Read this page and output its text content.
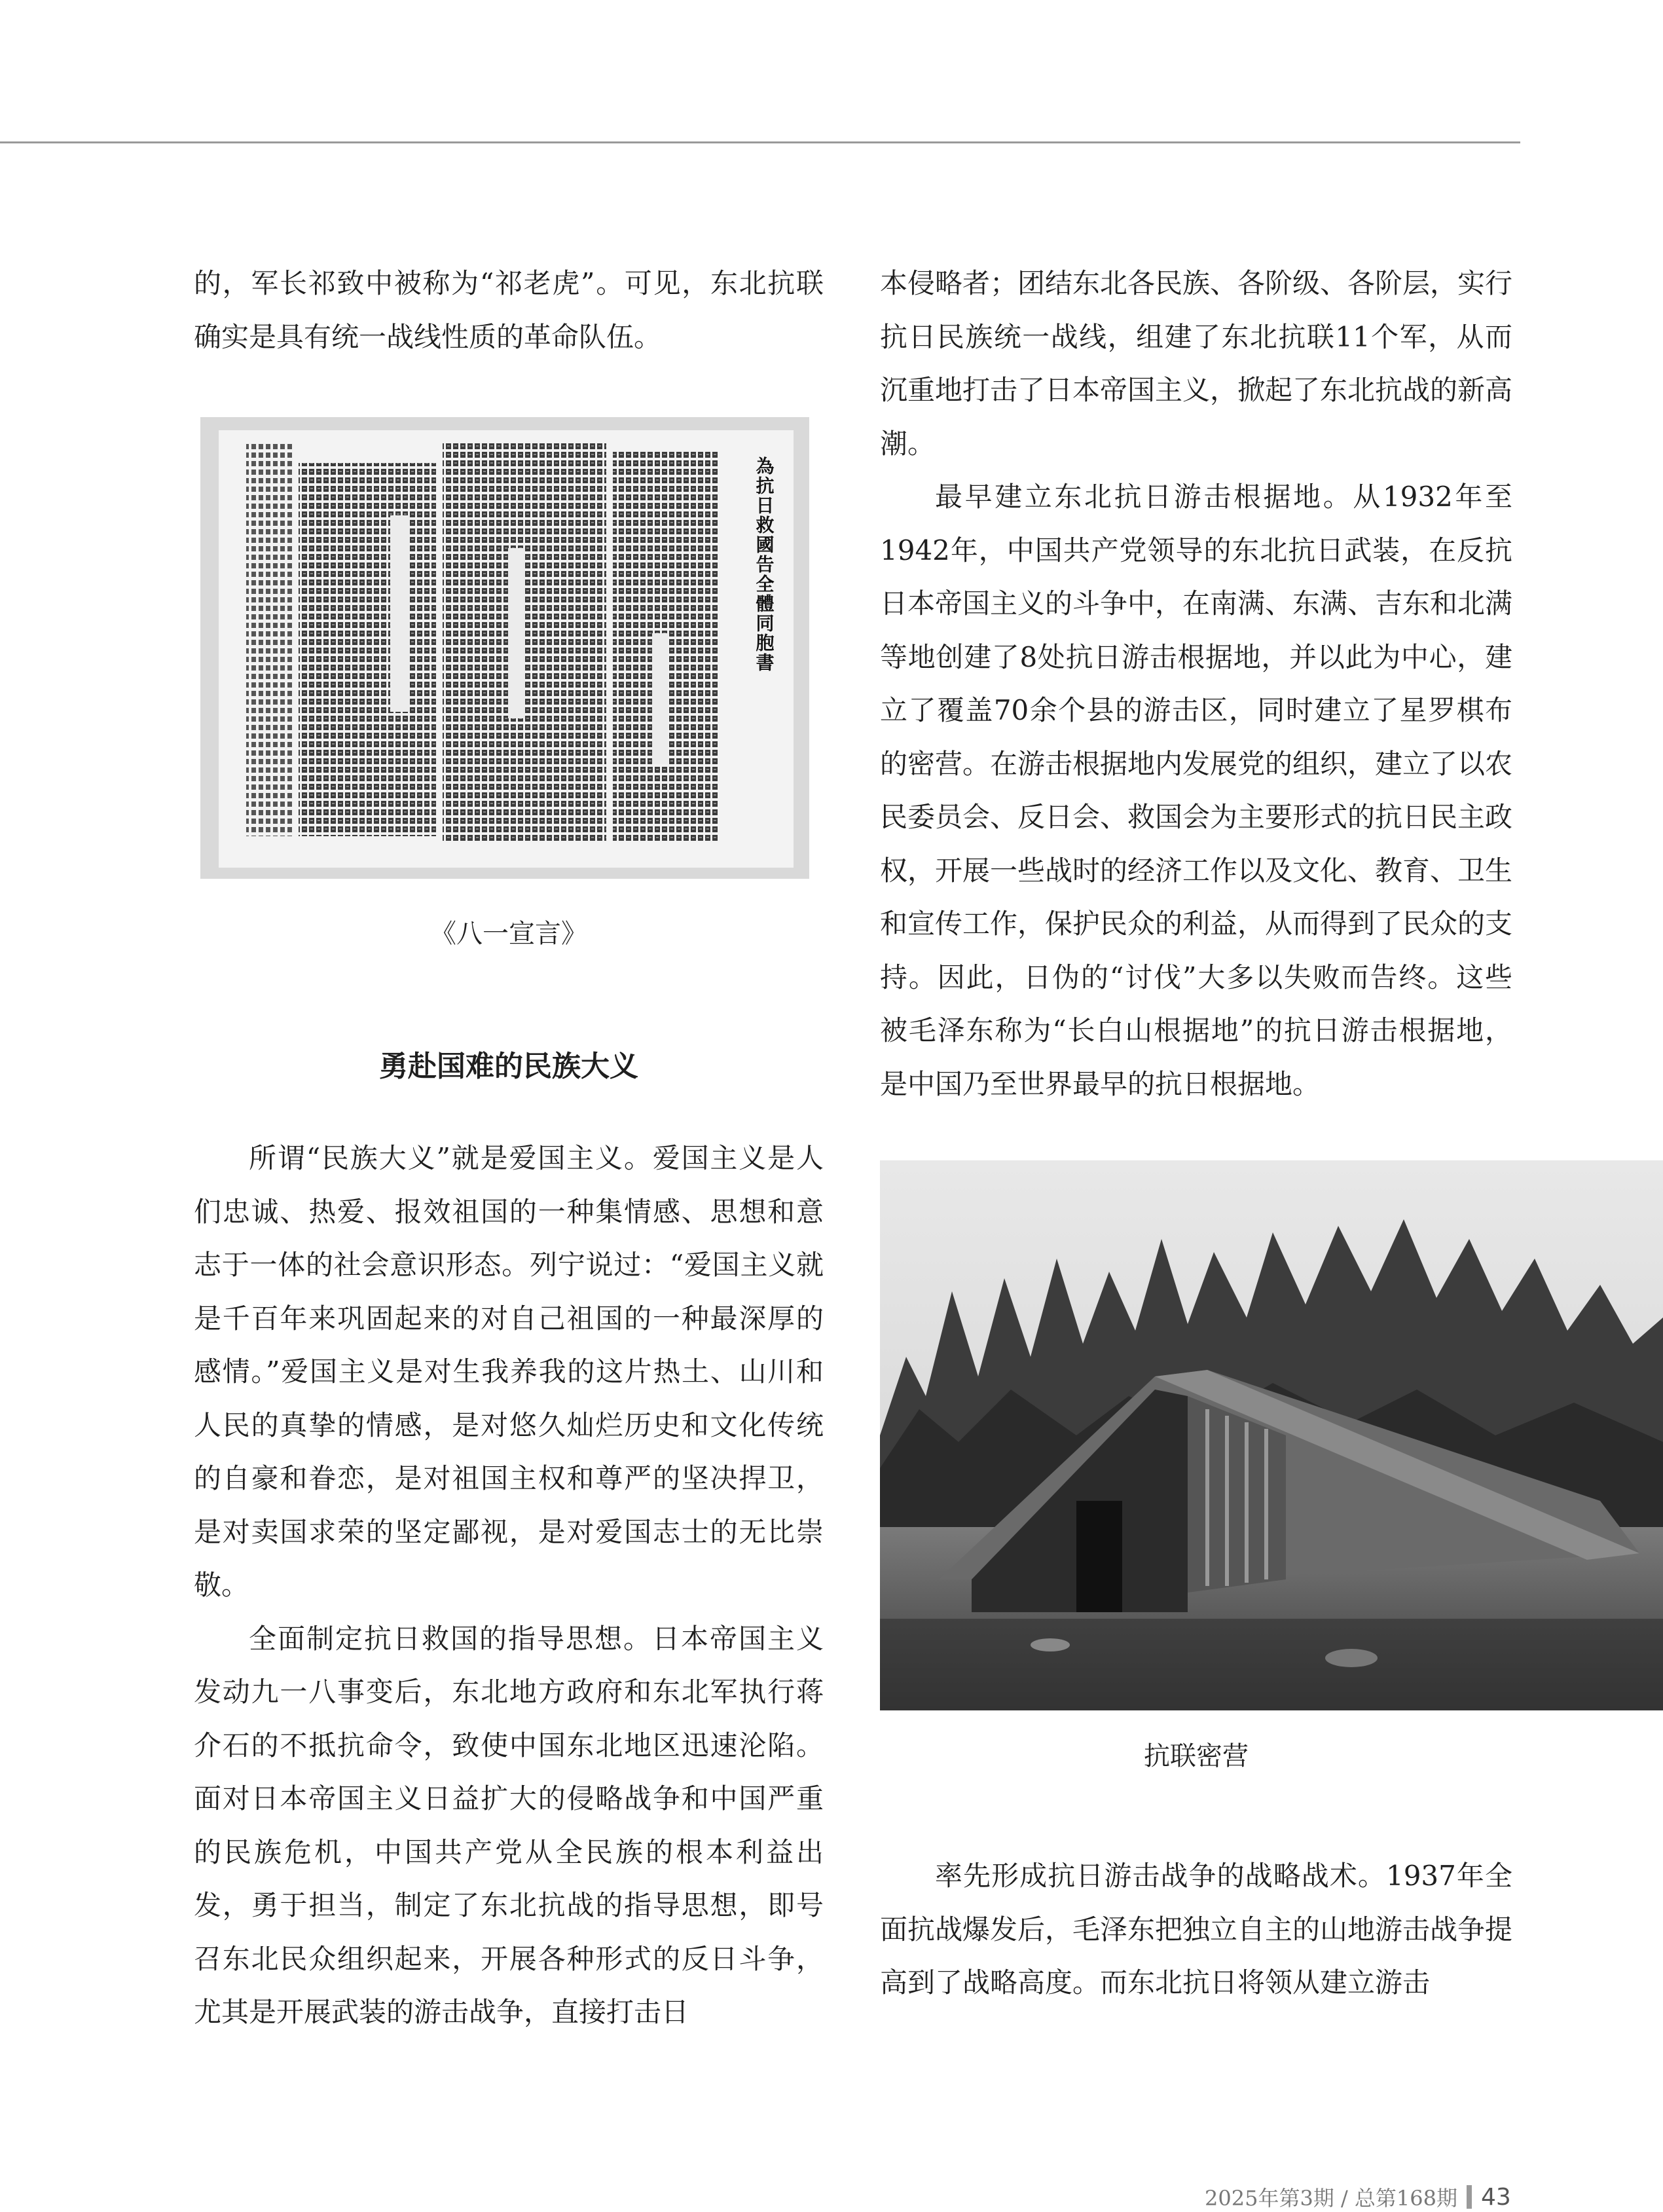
的，军长祁致中被称为“祁老虎”。可见，东北抗联确实是具有统一战线性质的革命队伍。

為抗日救國告全體同胞書

《八一宣言》

勇赴国难的民族大义

所谓“民族大义”就是爱国主义。爱国主义是人们忠诚、热爱、报效祖国的一种集情感、思想和意志于一体的社会意识形态。列宁说过：“爱国主义就是千百年来巩固起来的对自己祖国的一种最深厚的感情。”爱国主义是对生我养我的这片热土、山川和人民的真挚的情感，是对悠久灿烂历史和文化传统的自豪和眷恋，是对祖国主权和尊严的坚决捍卫，是对卖国求荣的坚定鄙视，是对爱国志士的无比崇敬。

全面制定抗日救国的指导思想。日本帝国主义发动九一八事变后，东北地方政府和东北军执行蒋介石的不抵抗命令，致使中国东北地区迅速沦陷。面对日本帝国主义日益扩大的侵略战争和中国严重的民族危机，中国共产党从全民族的根本利益出发，勇于担当，制定了东北抗战的指导思想，即号召东北民众组织起来，开展各种形式的反日斗争，尤其是开展武装的游击战争，直接打击日

本侵略者；团结东北各民族、各阶级、各阶层，实行抗日民族统一战线，组建了东北抗联11个军，从而沉重地打击了日本帝国主义，掀起了东北抗战的新高潮。

最早建立东北抗日游击根据地。从1932年至1942年，中国共产党领导的东北抗日武装，在反抗日本帝国主义的斗争中，在南满、东满、吉东和北满等地创建了8处抗日游击根据地，并以此为中心，建立了覆盖70余个县的游击区，同时建立了星罗棋布的密营。在游击根据地内发展党的组织，建立了以农民委员会、反日会、救国会为主要形式的抗日民主政权，开展一些战时的经济工作以及文化、教育、卫生和宣传工作，保护民众的利益，从而得到了民众的支持。因此，日伪的“讨伐”大多以失败而告终。这些被毛泽东称为“长白山根据地”的抗日游击根据地，是中国乃至世界最早的抗日根据地。

抗联密营

率先形成抗日游击战争的战略战术。1937年全面抗战爆发后，毛泽东把独立自主的山地游击战争提高到了战略高度。而东北抗日将领从建立游击

2025年第3期 / 总第168期 43
